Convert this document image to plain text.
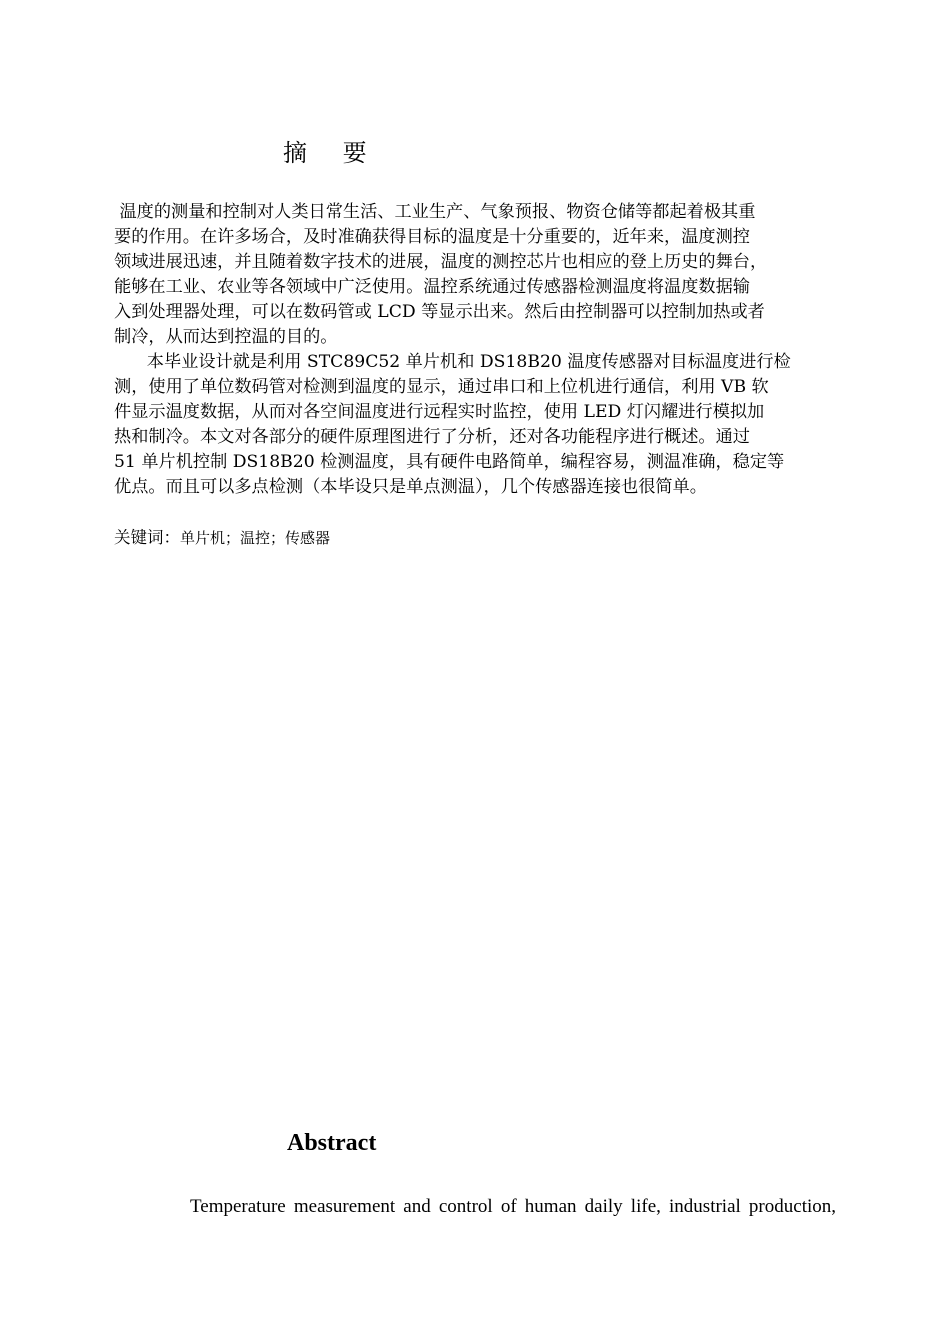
摘 要
温度的测量和控制对人类日常生活、工业生产、气象预报、物资仓储等都起着极其重
要的作用。在许多场合，及时准确获得目标的温度是十分重要的，近年来，温度测控
领域进展迅速，并且随着数字技术的进展，温度的测控芯片也相应的登上历史的舞台，
能够在工业、农业等各领域中广泛使用。温控系统通过传感器检测温度将温度数据输
入到处理器处理，可以在数码管或 LCD 等显示出来。然后由控制器可以控制加热或者
制冷，从而达到控温的目的。
本毕业设计就是利用 STC89C52 单片机和 DS18B20 温度传感器对目标温度进行检
测，使用了单位数码管对检测到温度的显示，通过串口和上位机进行通信，利用 VB 软
件显示温度数据，从而对各空间温度进行远程实时监控，使用 LED 灯闪耀进行模拟加
热和制冷。本文对各部分的硬件原理图进行了分析，还对各功能程序进行概述。通过
51 单片机控制 DS18B20 检测温度，具有硬件电路简单，编程容易，测温准确，稳定等
优点。而且可以多点检测（本毕设只是单点测温），几个传感器连接也很简单。
关键词：单片机；温控；传感器
Abstract
Temperature measurement and control of human daily life, industrial production,
